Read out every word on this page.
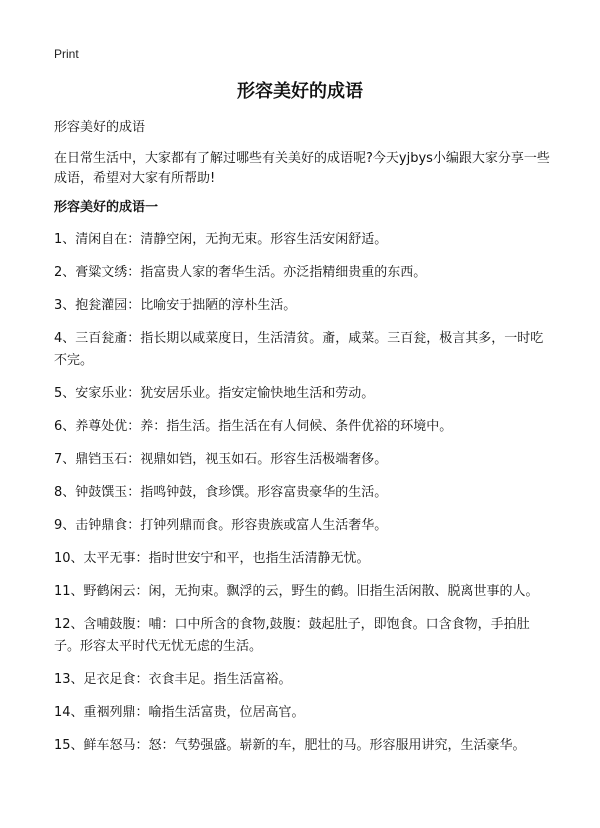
Print
形容美好的成语
形容美好的成语

在日常生活中，大家都有了解过哪些有关美好的成语呢?今天yjbys小编跟大家分享一些成语，希望对大家有所帮助!

形容美好的成语一
1、清闲自在：清静空闲，无拘无束。形容生活安闲舒适。
2、膏粱文绣：指富贵人家的奢华生活。亦泛指精细贵重的东西。
3、抱瓮灌园：比喻安于拙陋的淳朴生活。
4、三百瓮齑：指长期以咸菜度日，生活清贫。齑，咸菜。三百瓮，极言其多，一时吃不完。
5、安家乐业：犹安居乐业。指安定愉快地生活和劳动。
6、养尊处优：养：指生活。指生活在有人伺候、条件优裕的环境中。
7、鼎铛玉石：视鼎如铛，视玉如石。形容生活极端奢侈。
8、钟鼓馔玉：指鸣钟鼓，食珍馔。形容富贵豪华的生活。
9、击钟鼎食：打钟列鼎而食。形容贵族或富人生活奢华。
10、太平无事：指时世安宁和平，也指生活清静无忧。
11、野鹤闲云：闲，无拘束。飘浮的云，野生的鹤。旧指生活闲散、脱离世事的人。
12、含哺鼓腹：哺：口中所含的食物,鼓腹：鼓起肚子，即饱食。口含食物，手拍肚子。形容太平时代无忧无虑的生活。
13、足衣足食：衣食丰足。指生活富裕。
14、重裀列鼎：喻指生活富贵，位居高官。
15、鲜车怒马：怒：气势强盛。崭新的车，肥壮的马。形容服用讲究，生活豪华。
